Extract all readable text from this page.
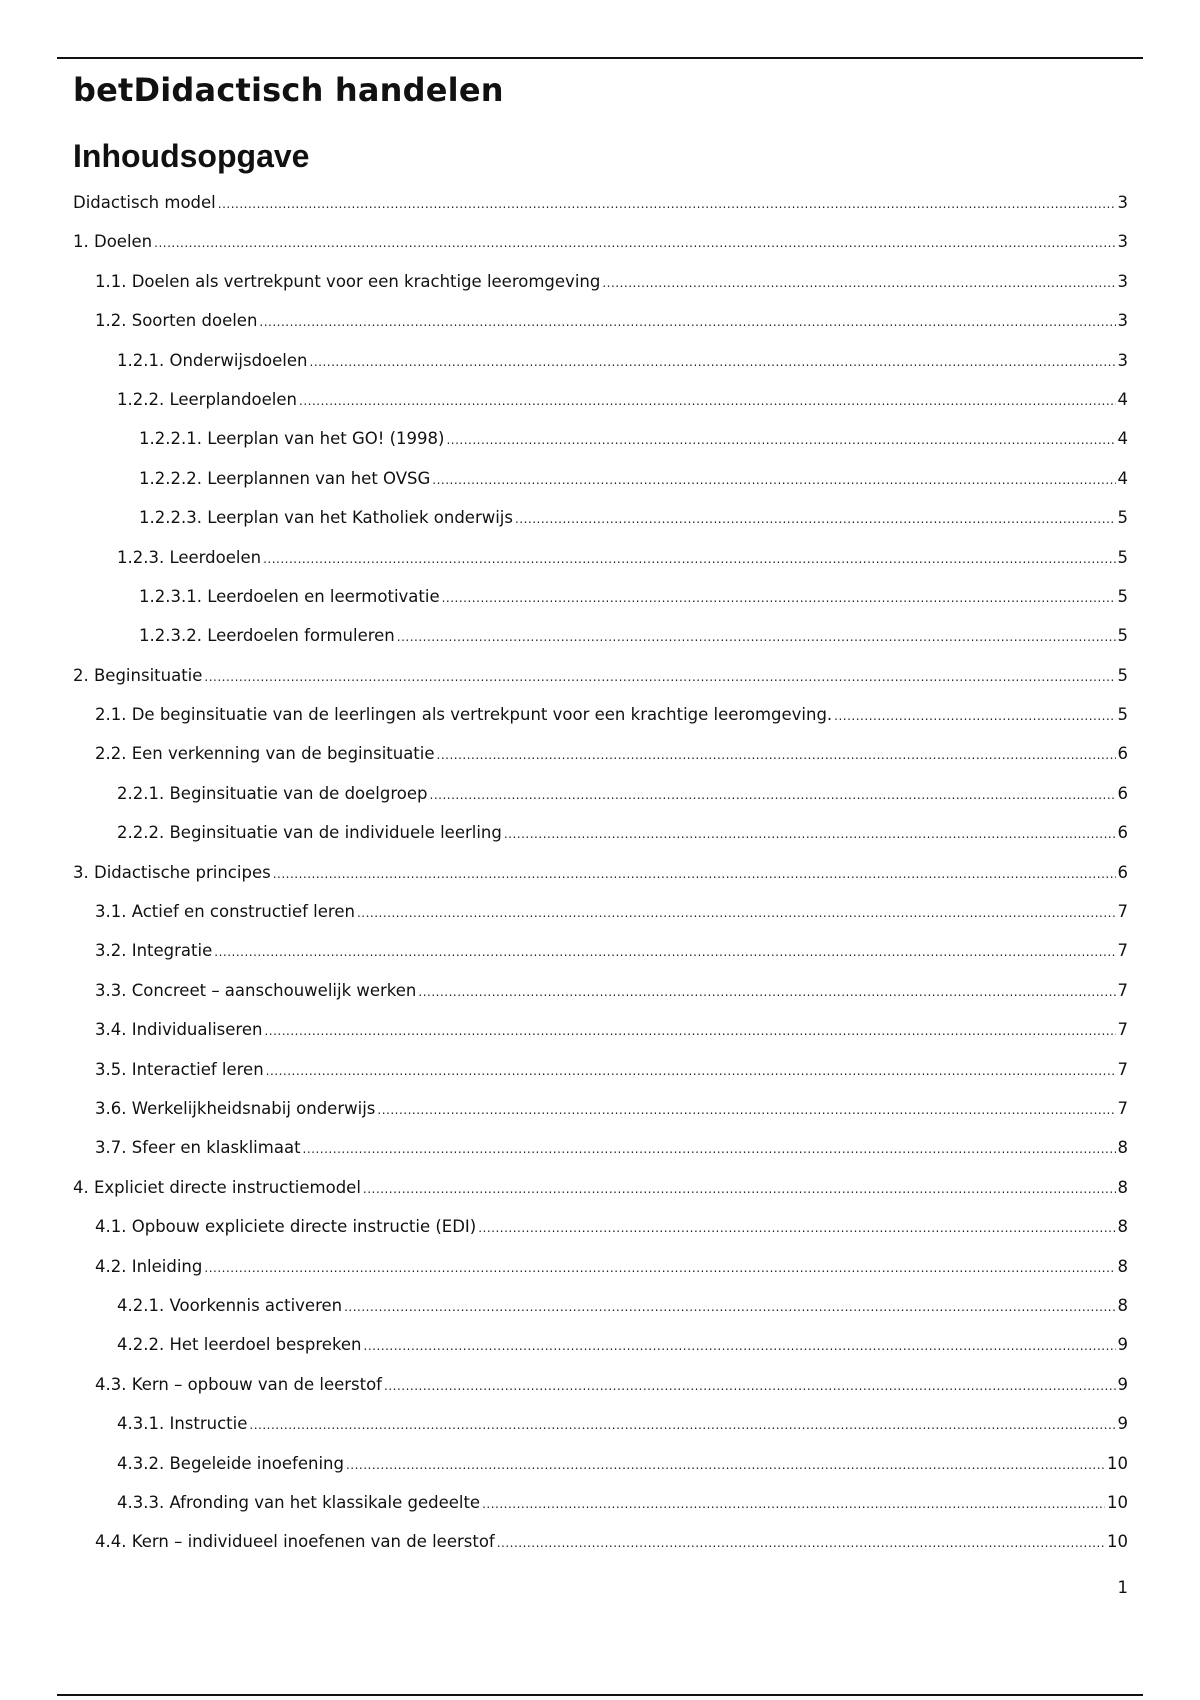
betDidactisch handelen
Inhoudsopgave
Didactisch model .....	3
1. Doelen .....	3
1.1. Doelen als vertrekpunt voor een krachtige leeromgeving .....	3
1.2. Soorten doelen .....	3
1.2.1. Onderwijsdoelen .....	3
1.2.2. Leerplandoelen .....	4
1.2.2.1. Leerplan van het GO! (1998) .....	4
1.2.2.2. Leerplannen van het OVSG .....	4
1.2.2.3. Leerplan van het Katholiek onderwijs .....	5
1.2.3. Leerdoelen .....	5
1.2.3.1. Leerdoelen en leermotivatie .....	5
1.2.3.2. Leerdoelen formuleren .....	5
2. Beginsituatie .....	5
2.1. De beginsituatie van de leerlingen als vertrekpunt voor een krachtige leeromgeving. .....	5
2.2. Een verkenning van de beginsituatie .....	6
2.2.1. Beginsituatie van de doelgroep .....	6
2.2.2. Beginsituatie van de individuele leerling .....	6
3. Didactische principes .....	6
3.1. Actief en constructief leren .....	7
3.2. Integratie .....	7
3.3. Concreet – aanschouwelijk werken .....	7
3.4. Individualiseren .....	7
3.5. Interactief leren .....	7
3.6. Werkelijkheidsnabij onderwijs .....	7
3.7. Sfeer en klasklimaat .....	8
4. Expliciet directe instructiemodel .....	8
4.1. Opbouw expliciete directe instructie (EDI) .....	8
4.2. Inleiding .....	8
4.2.1. Voorkennis activeren .....	8
4.2.2. Het leerdoel bespreken .....	9
4.3. Kern – opbouw van de leerstof .....	9
4.3.1. Instructie .....	9
4.3.2. Begeleide inoefening .....	10
4.3.3. Afronding van het klassikale gedeelte .....	10
4.4. Kern – individueel inoefenen van de leerstof .....	10

1
